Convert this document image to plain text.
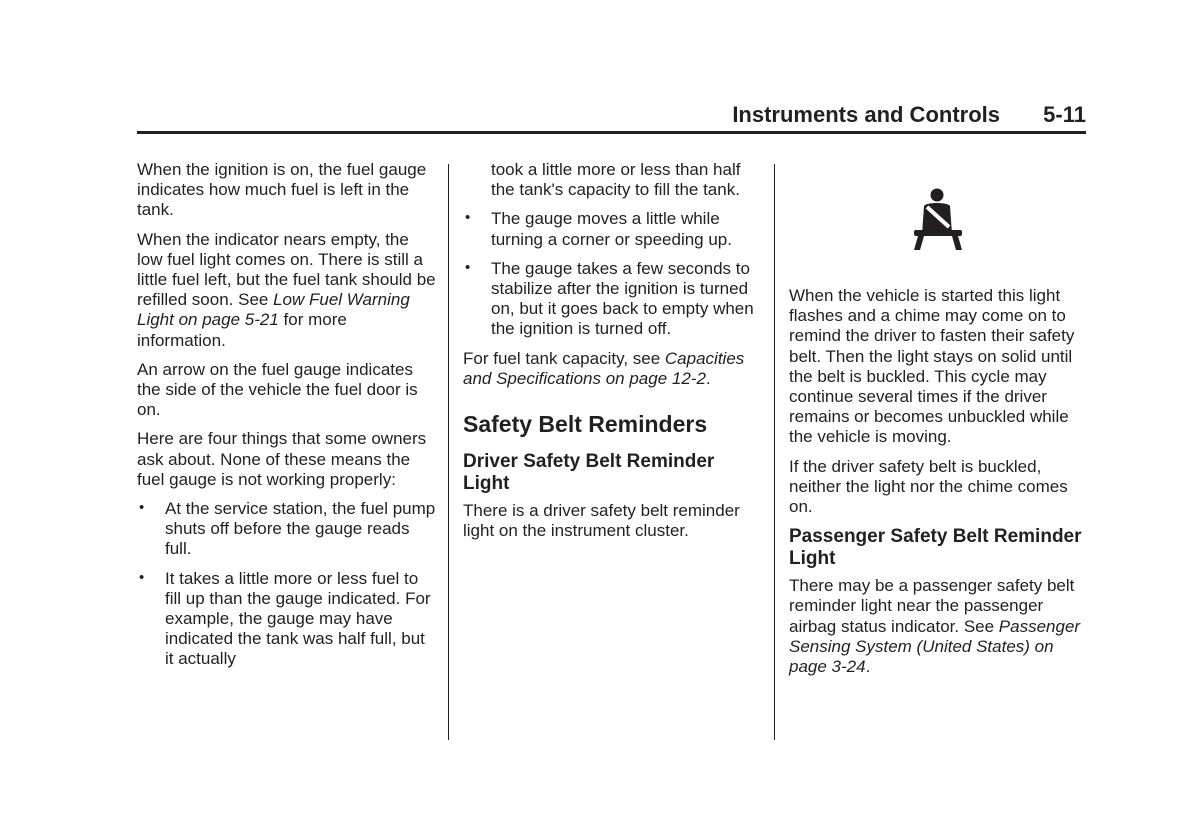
Instruments and Controls 5-11

When the ignition is on, the fuel gauge indicates how much fuel is left in the tank.

When the indicator nears empty, the low fuel light comes on. There is still a little fuel left, but the fuel tank should be refilled soon. See Low Fuel Warning Light on page 5-21 for more information.

An arrow on the fuel gauge indicates the side of the vehicle the fuel door is on.

Here are four things that some owners ask about. None of these means the fuel gauge is not working properly:

• At the service station, the fuel pump shuts off before the gauge reads full.
• It takes a little more or less fuel to fill up than the gauge indicated. For example, the gauge may have indicated the tank was half full, but it actually

took a little more or less than half the tank's capacity to fill the tank.

• The gauge moves a little while turning a corner or speeding up.
• The gauge takes a few seconds to stabilize after the ignition is turned on, but it goes back to empty when the ignition is turned off.

For fuel tank capacity, see Capacities and Specifications on page 12-2.

Safety Belt Reminders
Driver Safety Belt Reminder Light

There is a driver safety belt reminder light on the instrument cluster.

When the vehicle is started this light flashes and a chime may come on to remind the driver to fasten their safety belt. Then the light stays on solid until the belt is buckled. This cycle may continue several times if the driver remains or becomes unbuckled while the vehicle is moving.

If the driver safety belt is buckled, neither the light nor the chime comes on.

Passenger Safety Belt Reminder Light

There may be a passenger safety belt reminder light near the passenger airbag status indicator. See Passenger Sensing System (United States) on page 3-24.
